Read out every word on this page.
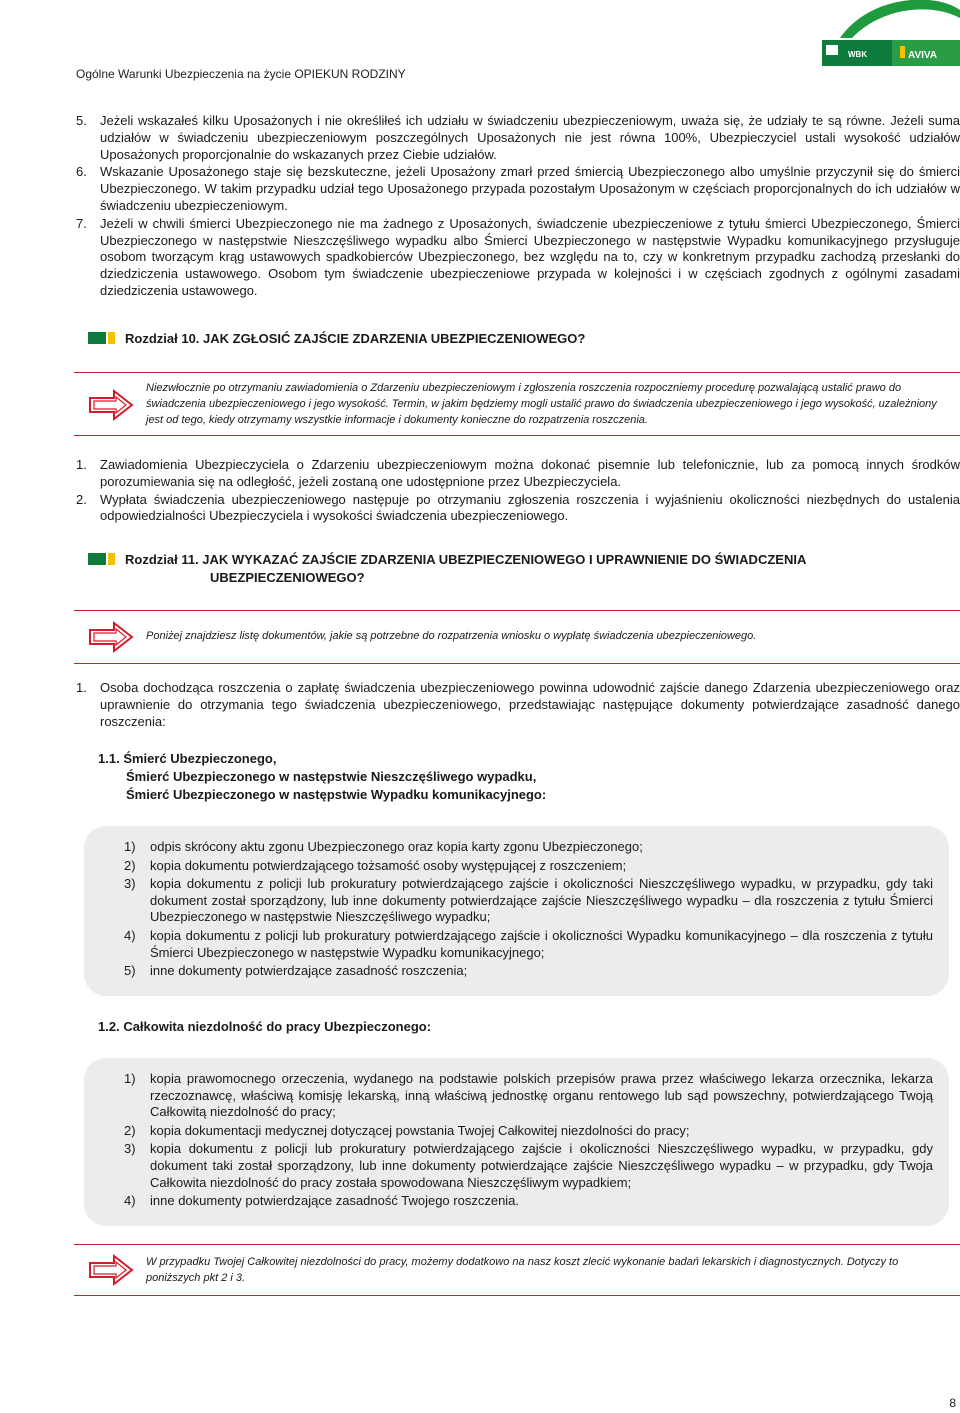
Ogólne Warunki Ubezpieczenia na życie OPIEKUN RODZINY
WBK	AVIVA
5. Jeżeli wskazałeś kilku Uposażonych i nie określiłeś ich udziału w świadczeniu ubezpieczeniowym, uważa się, że udziały te są równe. Jeżeli suma udziałów w świadczeniu ubezpieczeniowym poszczególnych Uposażonych nie jest równa 100%, Ubezpieczyciel ustali wysokość udziałów Uposażonych proporcjonalnie do wskazanych przez Ciebie udziałów.
6. Wskazanie Uposażonego staje się bezskuteczne, jeżeli Uposażony zmarł przed śmiercią Ubezpieczonego albo umyślnie przyczynił się do śmierci Ubezpieczonego. W takim przypadku udział tego Uposażonego przypada pozostałym Uposażonym w częściach proporcjonalnych do ich udziałów w świadczeniu ubezpieczeniowym.
7. Jeżeli w chwili śmierci Ubezpieczonego nie ma żadnego z Uposażonych, świadczenie ubezpieczeniowe z tytułu śmierci Ubezpieczonego, Śmierci Ubezpieczonego w następstwie Nieszczęśliwego wypadku albo Śmierci Ubezpieczonego w następstwie Wypadku komunikacyjnego przysługuje osobom tworzącym krąg ustawowych spadkobierców Ubezpieczonego, bez względu na to, czy w konkretnym przypadku zachodzą przesłanki do dziedziczenia ustawowego. Osobom tym świadczenie ubezpieczeniowe przypada w kolejności i w częściach zgodnych z ogólnymi zasadami dziedziczenia ustawowego.
Rozdział 10. JAK ZGŁOSIĆ ZAJŚCIE ZDARZENIA UBEZPIECZENIOWEGO?
Niezwłocznie po otrzymaniu zawiadomienia o Zdarzeniu ubezpieczeniowym i zgłoszenia roszczenia rozpoczniemy procedurę pozwalającą ustalić prawo do świadczenia ubezpieczeniowego i jego wysokość. Termin, w jakim będziemy mogli ustalić prawo do świadczenia ubezpieczeniowego i jego wysokość, uzależniony jest od tego, kiedy otrzymamy wszystkie informacje i dokumenty konieczne do rozpatrzenia roszczenia.
1. Zawiadomienia Ubezpieczyciela o Zdarzeniu ubezpieczeniowym można dokonać pisemnie lub telefonicznie, lub za pomocą innych środków porozumiewania się na odległość, jeżeli zostaną one udostępnione przez Ubezpieczyciela.
2. Wypłata świadczenia ubezpieczeniowego następuje po otrzymaniu zgłoszenia roszczenia i wyjaśnieniu okoliczności niezbędnych do ustalenia odpowiedzialności Ubezpieczyciela i wysokości świadczenia ubezpieczeniowego.
Rozdział 11. JAK WYKAZAĆ ZAJŚCIE ZDARZENIA UBEZPIECZENIOWEGO I UPRAWNIENIE DO ŚWIADCZENIA
UBEZPIECZENIOWEGO?
Poniżej znajdziesz listę dokumentów, jakie są potrzebne do rozpatrzenia wniosku o wypłatę świadczenia ubezpieczeniowego.
1. Osoba dochodząca roszczenia o zapłatę świadczenia ubezpieczeniowego powinna udowodnić zajście danego Zdarzenia ubezpieczeniowego oraz uprawnienie do otrzymania tego świadczenia ubezpieczeniowego, przedstawiając następujące dokumenty potwierdzające zasadność danego roszczenia:
1.1. Śmierć Ubezpieczonego,
Śmierć Ubezpieczonego w następstwie Nieszczęśliwego wypadku,
Śmierć Ubezpieczonego w następstwie Wypadku komunikacyjnego:
1) odpis skrócony aktu zgonu Ubezpieczonego oraz kopia karty zgonu Ubezpieczonego;
2) kopia dokumentu potwierdzającego tożsamość osoby występującej z roszczeniem;
3) kopia dokumentu z policji lub prokuratury potwierdzającego zajście i okoliczności Nieszczęśliwego wypadku, w przypadku, gdy taki dokument został sporządzony, lub inne dokumenty potwierdzające zajście Nieszczęśliwego wypadku – dla roszczenia z tytułu Śmierci Ubezpieczonego w następstwie Nieszczęśliwego wypadku;
4) kopia dokumentu z policji lub prokuratury potwierdzającego zajście i okoliczności Wypadku komunikacyjnego – dla roszczenia z tytułu Śmierci Ubezpieczonego w następstwie Wypadku komunikacyjnego;
5) inne dokumenty potwierdzające zasadność roszczenia;
1.2. Całkowita niezdolność do pracy Ubezpieczonego:
1) kopia prawomocnego orzeczenia, wydanego na podstawie polskich przepisów prawa przez właściwego lekarza orzecznika, lekarza rzeczoznawcę, właściwą komisję lekarską, inną właściwą jednostkę organu rentowego lub sąd powszechny, potwierdzającego Twoją Całkowitą niezdolność do pracy;
2) kopia dokumentacji medycznej dotyczącej powstania Twojej Całkowitej niezdolności do pracy;
3) kopia dokumentu z policji lub prokuratury potwierdzającego zajście i okoliczności Nieszczęśliwego wypadku, w przypadku, gdy dokument taki został sporządzony, lub inne dokumenty potwierdzające zajście Nieszczęśliwego wypadku – w przypadku, gdy Twoja Całkowita niezdolność do pracy została spowodowana Nieszczęśliwym wypadkiem;
4) inne dokumenty potwierdzające zasadność Twojego roszczenia.
W przypadku Twojej Całkowitej niezdolności do pracy, możemy dodatkowo na nasz koszt zlecić wykonanie badań lekarskich i diagnostycznych. Dotyczy to poniższych pkt 2 i 3.
8
